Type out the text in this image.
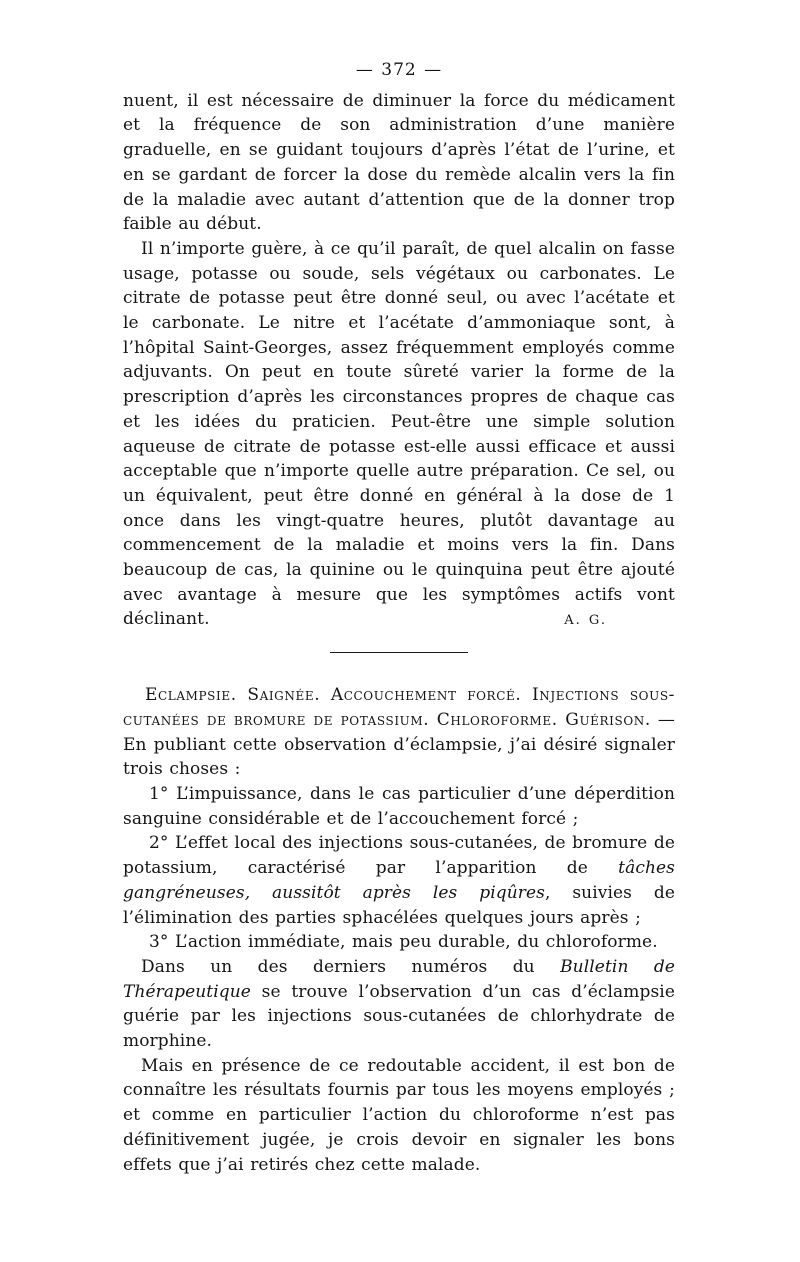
— 372 —

nuent, il est nécessaire de diminuer la force du médicament et la fréquence de son administration d’une manière graduelle, en se guidant toujours d’après l’état de l’urine, et en se gardant de forcer la dose du remède alcalin vers la fin de la maladie avec autant d’attention que de la donner trop faible au début.

Il n’importe guère, à ce qu’il paraît, de quel alcalin on fasse usage, potasse ou soude, sels végétaux ou carbonates. Le citrate de potasse peut être donné seul, ou avec l’acétate et le carbonate. Le nitre et l’acétate d’ammoniaque sont, à l’hôpital Saint-Georges, assez fréquemment employés comme adjuvants. On peut en toute sûreté varier la forme de la prescription d’après les circonstances propres de chaque cas et les idées du praticien. Peut-être une simple solution aqueuse de citrate de potasse est-elle aussi efficace et aussi acceptable que n’importe quelle autre préparation. Ce sel, ou un équivalent, peut être donné en général à la dose de 1 once dans les vingt-quatre heures, plutôt davantage au commencement de la maladie et moins vers la fin. Dans beaucoup de cas, la quinine ou le quinquina peut être ajouté avec avantage à mesure que les symptômes actifs vont déclinant.	A. G.

Eclampsie. Saignée. Accouchement forcé. Injections sous-cutanées de bromure de potassium. Chloroforme. Guérison. — En publiant cette observation d’éclampsie, j’ai désiré signaler trois choses :

1° L’impuissance, dans le cas particulier d’une déperdition sanguine considérable et de l’accouchement forcé ;

2° L’effet local des injections sous-cutanées, de bromure de potassium, caractérisé par l’apparition de tâches gangréneuses, aussitôt après les piqûres, suivies de l’élimination des parties sphacélées quelques jours après ;

3° L’action immédiate, mais peu durable, du chloroforme.

Dans un des derniers numéros du Bulletin de Thérapeutique se trouve l’observation d’un cas d’éclampsie guérie par les injections sous-cutanées de chlorhydrate de morphine.

Mais en présence de ce redoutable accident, il est bon de connaître les résultats fournis par tous les moyens employés ; et comme en particulier l’action du chloroforme n’est pas définitivement jugée, je crois devoir en signaler les bons effets que j’ai retirés chez cette malade.
